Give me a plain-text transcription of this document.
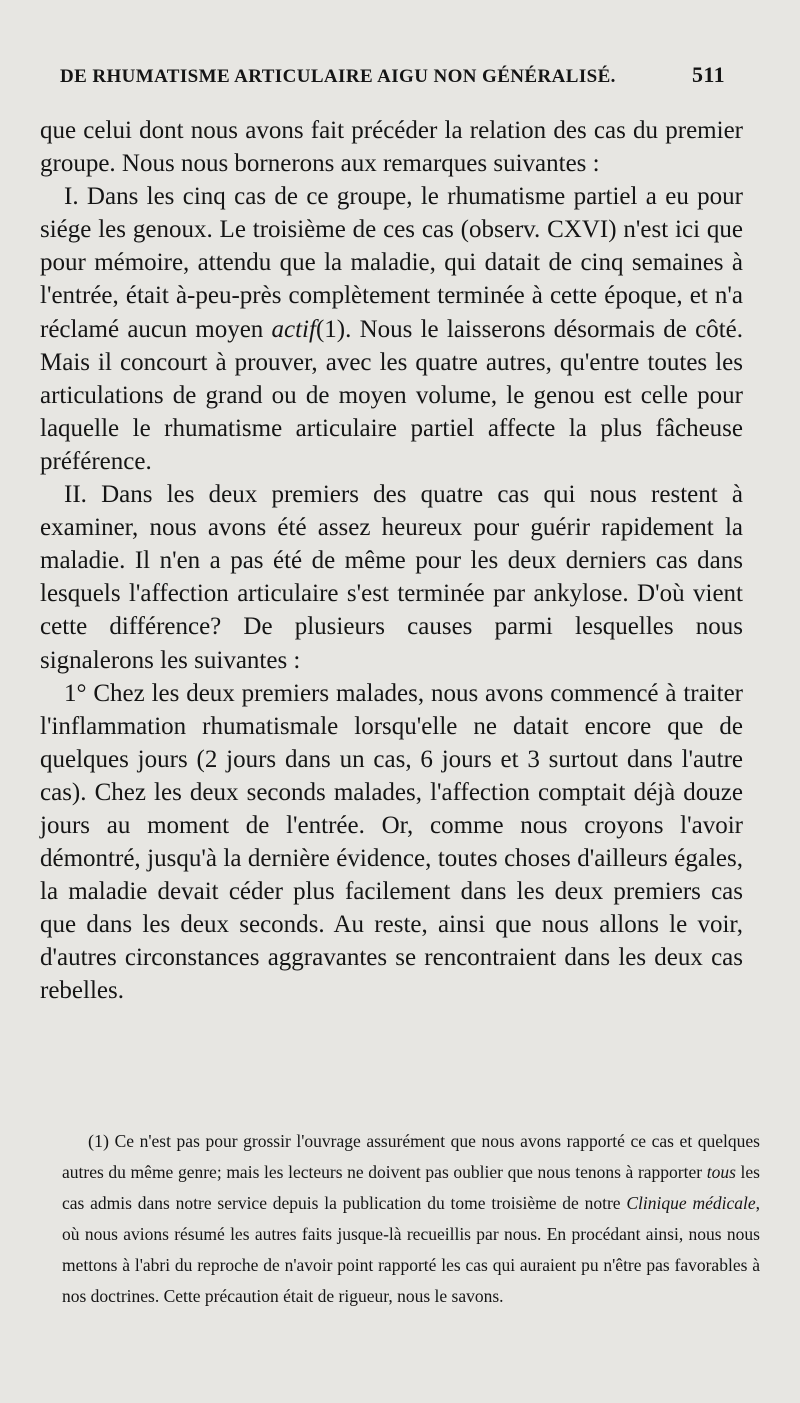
DE RHUMATISME ARTICULAIRE AIGU NON GÉNÉRALISÉ.	511

que celui dont nous avons fait précéder la relation des cas du premier groupe. Nous nous bornerons aux remarques suivantes :

I. Dans les cinq cas de ce groupe, le rhumatisme partiel a eu pour siége les genoux. Le troisième de ces cas (observ. CXVI) n'est ici que pour mémoire, attendu que la maladie, qui datait de cinq semaines à l'entrée, était à-peu-près complètement terminée à cette époque, et n'a réclamé aucun moyen actif(1). Nous le laisserons désormais de côté. Mais il concourt à prouver, avec les quatre autres, qu'entre toutes les articulations de grand ou de moyen volume, le genou est celle pour laquelle le rhumatisme articulaire partiel affecte la plus fâcheuse préférence.

II. Dans les deux premiers des quatre cas qui nous restent à examiner, nous avons été assez heureux pour guérir rapidement la maladie. Il n'en a pas été de même pour les deux derniers cas dans lesquels l'affection articulaire s'est terminée par ankylose. D'où vient cette différence? De plusieurs causes parmi lesquelles nous signalerons les suivantes :

1° Chez les deux premiers malades, nous avons commencé à traiter l'inflammation rhumatismale lorsqu'elle ne datait encore que de quelques jours (2 jours dans un cas, 6 jours et 3 surtout dans l'autre cas). Chez les deux seconds malades, l'affection comptait déjà douze jours au moment de l'entrée. Or, comme nous croyons l'avoir démontré, jusqu'à la dernière évidence, toutes choses d'ailleurs égales, la maladie devait céder plus facilement dans les deux premiers cas que dans les deux seconds. Au reste, ainsi que nous allons le voir, d'autres circonstances aggravantes se rencontraient dans les deux cas rebelles.

(1) Ce n'est pas pour grossir l'ouvrage assurément que nous avons rapporté ce cas et quelques autres du même genre; mais les lecteurs ne doivent pas oublier que nous tenons à rapporter tous les cas admis dans notre service depuis la publication du tome troisième de notre Clinique médicale, où nous avions résumé les autres faits jusque-là recueillis par nous. En procédant ainsi, nous nous mettons à l'abri du reproche de n'avoir point rapporté les cas qui auraient pu n'être pas favorables à nos doctrines. Cette précaution était de rigueur, nous le savons.
